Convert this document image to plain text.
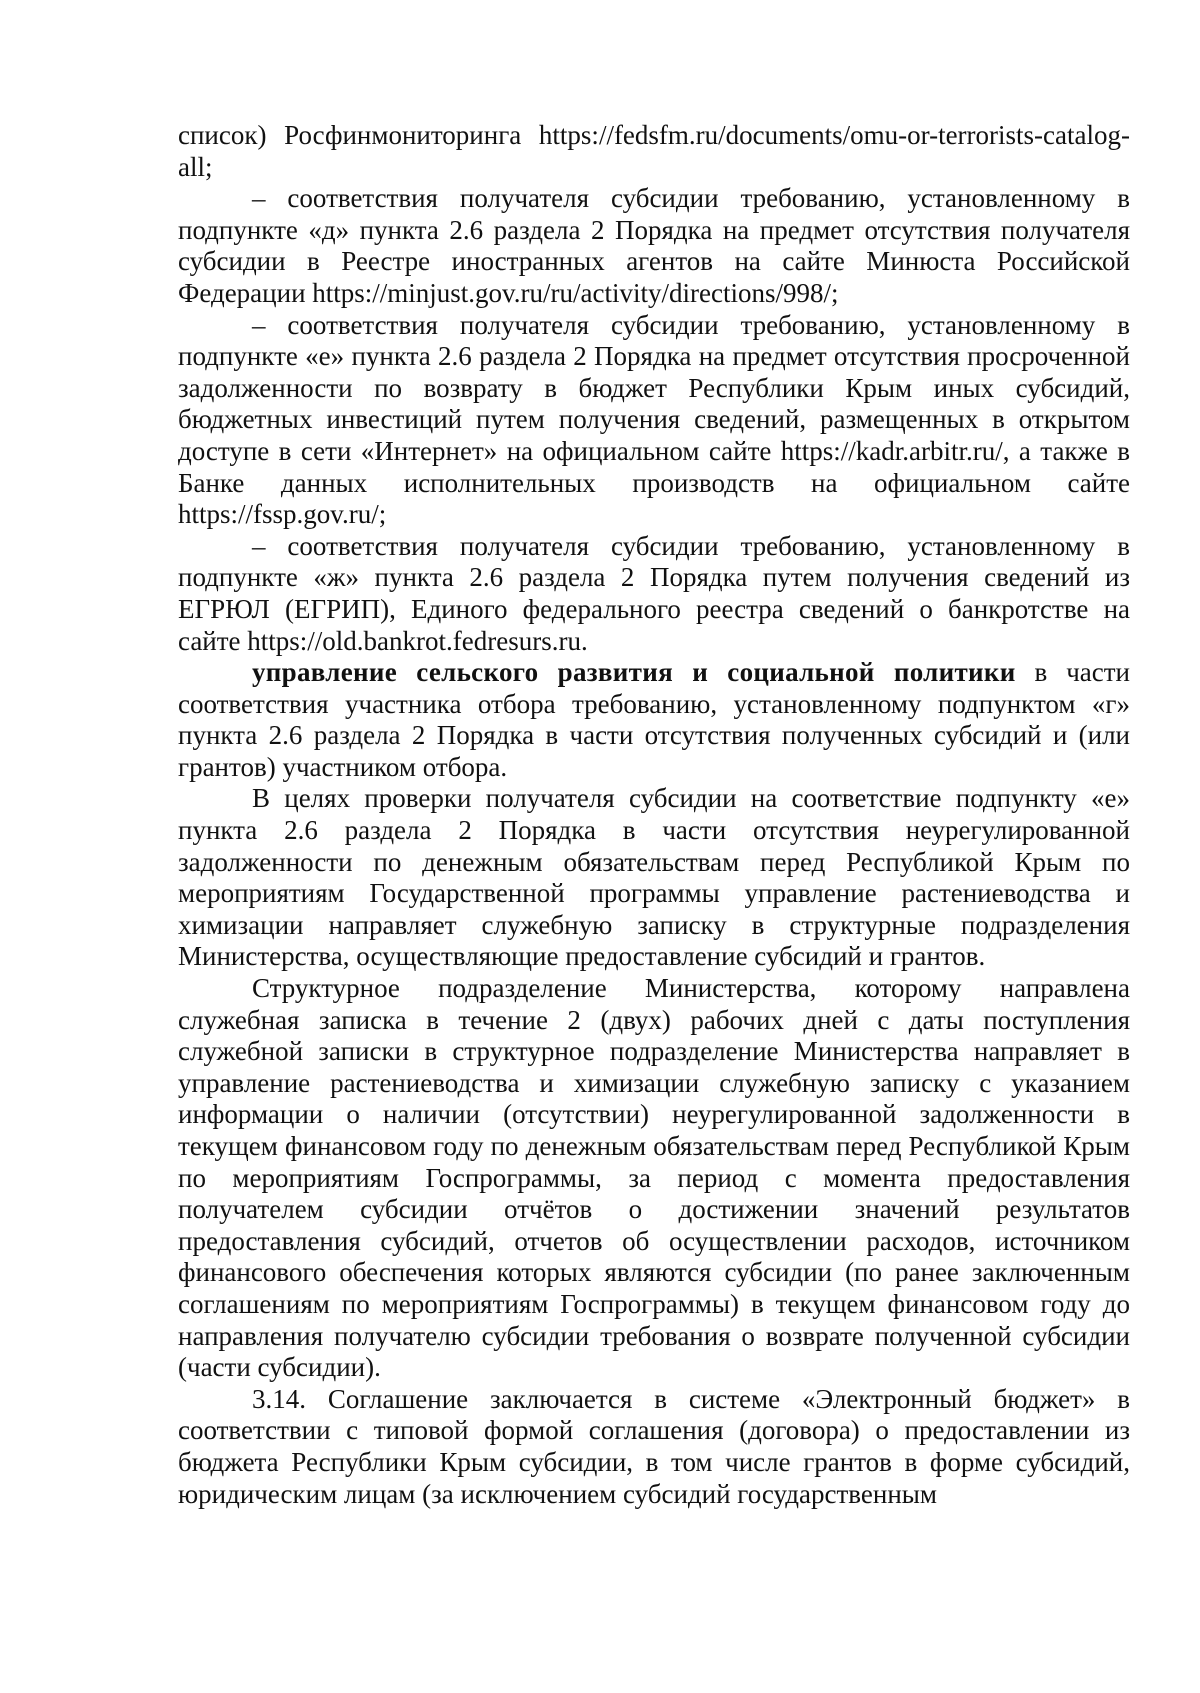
список) Росфинмониторинга https://fedsfm.ru/documents/omu-or-terrorists-catalog-all;

– соответствия получателя субсидии требованию, установленному в подпункте «д» пункта 2.6 раздела 2 Порядка на предмет отсутствия получателя субсидии в Реестре иностранных агентов на сайте Минюста Российской Федерации https://minjust.gov.ru/ru/activity/directions/998/;

– соответствия получателя субсидии требованию, установленному в подпункте «е» пункта 2.6 раздела 2 Порядка на предмет отсутствия просроченной задолженности по возврату в бюджет Республики Крым иных субсидий, бюджетных инвестиций путем получения сведений, размещенных в открытом доступе в сети «Интернет» на официальном сайте https://kadr.arbitr.ru/, а также в Банке данных исполнительных производств на официальном сайте https://fssp.gov.ru/;

– соответствия получателя субсидии требованию, установленному в подпункте «ж» пункта 2.6 раздела 2 Порядка путем получения сведений из ЕГРЮЛ (ЕГРИП), Единого федерального реестра сведений о банкротстве на сайте https://old.bankrot.fedresurs.ru.

управление сельского развития и социальной политики в части соответствия участника отбора требованию, установленному подпунктом «г» пункта 2.6 раздела 2 Порядка в части отсутствия полученных субсидий и (или грантов) участником отбора.

В целях проверки получателя субсидии на соответствие подпункту «е» пункта 2.6 раздела 2 Порядка в части отсутствия неурегулированной задолженности по денежным обязательствам перед Республикой Крым по мероприятиям Государственной программы управление растениеводства и химизации направляет служебную записку в структурные подразделения Министерства, осуществляющие предоставление субсидий и грантов.

Структурное подразделение Министерства, которому направлена служебная записка в течение 2 (двух) рабочих дней с даты поступления служебной записки в структурное подразделение Министерства направляет в управление растениеводства и химизации служебную записку с указанием информации о наличии (отсутствии) неурегулированной задолженности в текущем финансовом году по денежным обязательствам перед Республикой Крым по мероприятиям Госпрограммы, за период с момента предоставления получателем субсидии отчётов о достижении значений результатов предоставления субсидий, отчетов об осуществлении расходов, источником финансового обеспечения которых являются субсидии (по ранее заключенным соглашениям по мероприятиям Госпрограммы) в текущем финансовом году до направления получателю субсидии требования о возврате полученной субсидии (части субсидии).

3.14. Соглашение заключается в системе «Электронный бюджет» в соответствии с типовой формой соглашения (договора) о предоставлении из бюджета Республики Крым субсидии, в том числе грантов в форме субсидий, юридическим лицам (за исключением субсидий государственным
